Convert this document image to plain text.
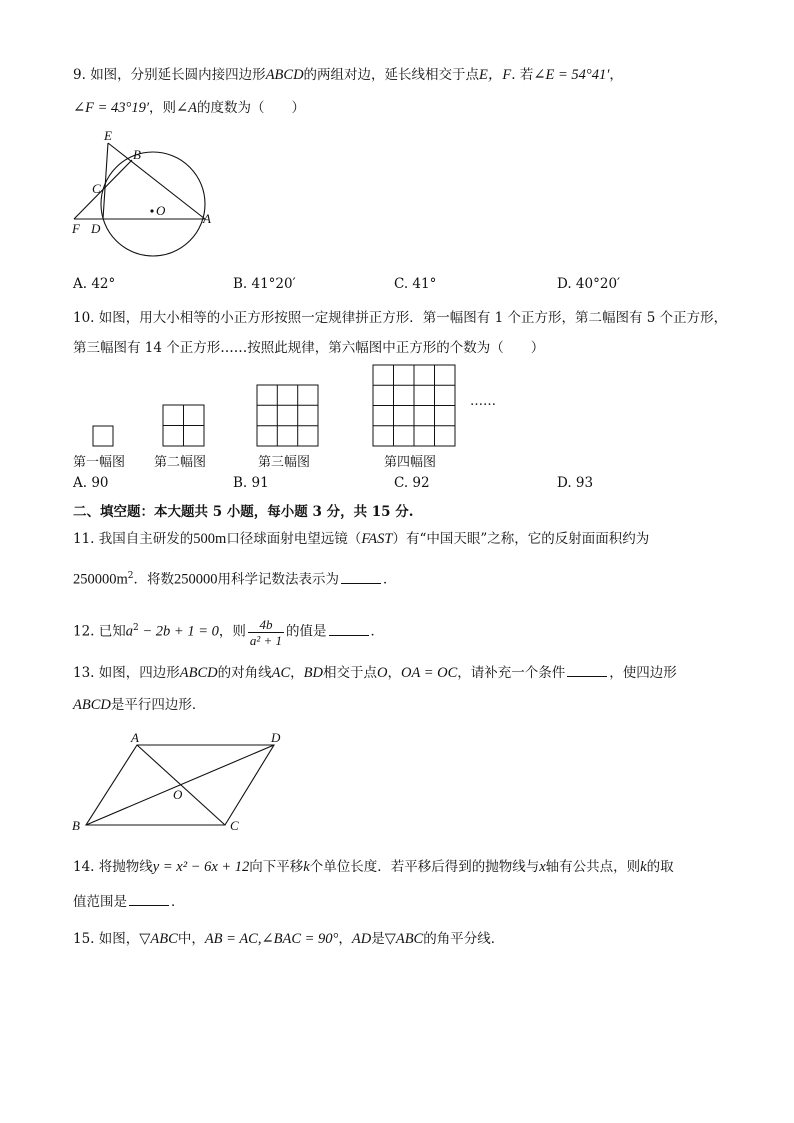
9. 如图，分别延长圆内接四边形ABCD的两组对边，延长线相交于点E，F. 若∠E = 54°41′，
∠F = 43°19′，则∠A的度数为（　　）
E
B
C
O
A
F D
A. 42°	B. 41°20′	C. 41°	D. 40°20′
10. 如图，用大小相等的小正方形按照一定规律拼正方形．第一幅图有 1 个正方形，第二幅图有 5 个正方形，
第三幅图有 14 个正方形……按照此规律，第六幅图中正方形的个数为（　　）
……
第一幅图 第二幅图	第三幅图	第四幅图
A. 90	B. 91	C. 92	D. 93
二、填空题：本大题共 5 小题，每小题 3 分，共 15 分.
11. 我国自主研发的500m口径球面射电望远镜（FAST）有“中国天眼”之称，它的反射面面积约为
$250000m^2$．将数250000用科学记数法表示为	．
12. 已知$a^2 - 2b + 1 = 0$，则 $\frac{4b}{\text{a² + 1}}$ 的值是	．
13. 如图，四边形ABCD的对角线AC，BD相交于点O，OA = OC，请补充一个条件	，使四边形
ABCD是平行四边形．
A	D
O
B	C
14. 将抛物线y = x² − 6x + 12向下平移k个单位长度．若平移后得到的抛物线与x轴有公共点，则k的取
值范围是	．
15. 如图，▽ABC中，AB = AC,∠BAC = 90°，AD是▽ABC的角平分线．
